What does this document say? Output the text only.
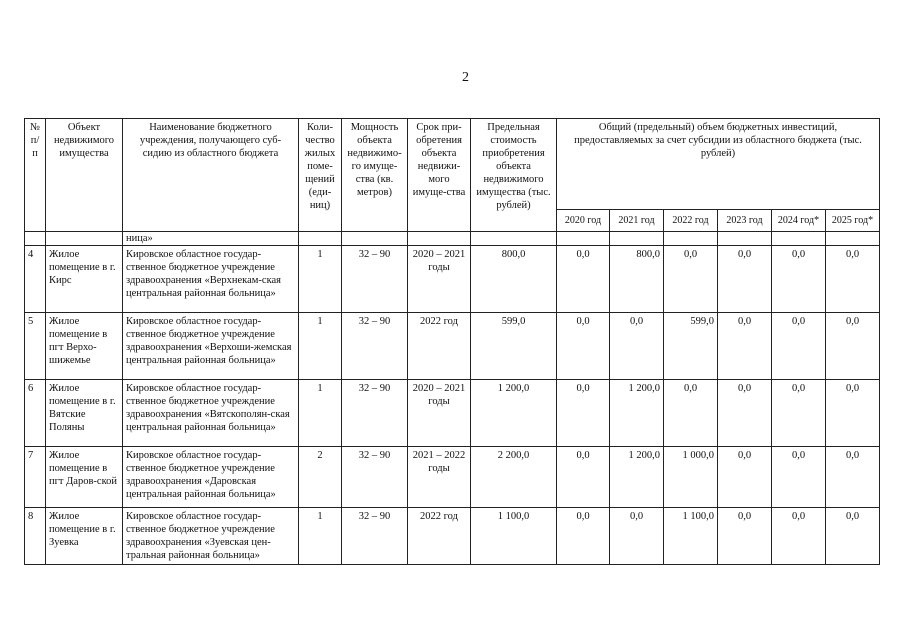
2
№ п/п	Объект недвижимого имущества	Наименование бюджетного учреждения, получающего суб-сидию из областного бюджета	Коли-чество жилых поме-щений (еди-ниц)	Мощность объекта недвижимо-го имуще-ства (кв. метров)	Срок при-обретения объекта недвижи-мого имуще-ства	Предельная стоимость приобретения объекта недвижимого имущества (тыс. рублей)	Общий (предельный) объем бюджетных инвестиций, предоставляемых за счет субсидии из областного бюджета (тыс. рублей)					
							2020 год	2021 год	2022 год	2023 год	2024 год*	2025 год*
		ница»										
4	Жилое помещение в г. Кирс	Кировское областное государ-ственное бюджетное учреждение здравоохранения «Верхнекам-ская центральная районная больница»	1	32 – 90	2020 – 2021 годы	800,0	0,0	800,0	0,0	0,0	0,0	0,0
5	Жилое помещение в пгт Верхо-шижемье	Кировское областное государ-ственное бюджетное учреждение здравоохранения «Верхоши-жемская центральная районная больница»	1	32 – 90	2022 год	599,0	0,0	0,0	599,0	0,0	0,0	0,0
6	Жилое помещение в г. Вятские Поляны	Кировское областное государ-ственное бюджетное учреждение здравоохранения «Вятскополян-ская центральная районная больница»	1	32 – 90	2020 – 2021 годы	1 200,0	0,0	1 200,0	0,0	0,0	0,0	0,0
7	Жилое помещение в пгт Даров-ской	Кировское областное государ-ственное бюджетное учреждение здравоохранения «Даровская центральная районная больница»	2	32 – 90	2021 – 2022 годы	2 200,0	0,0	1 200,0	1 000,0	0,0	0,0	0,0
8	Жилое помещение в г. Зуевка	Кировское областное государ-ственное бюджетное учреждение здравоохранения «Зуевская цен-тральная районная больница»	1	32 – 90	2022 год	1 100,0	0,0	0,0	1 100,0	0,0	0,0	0,0
